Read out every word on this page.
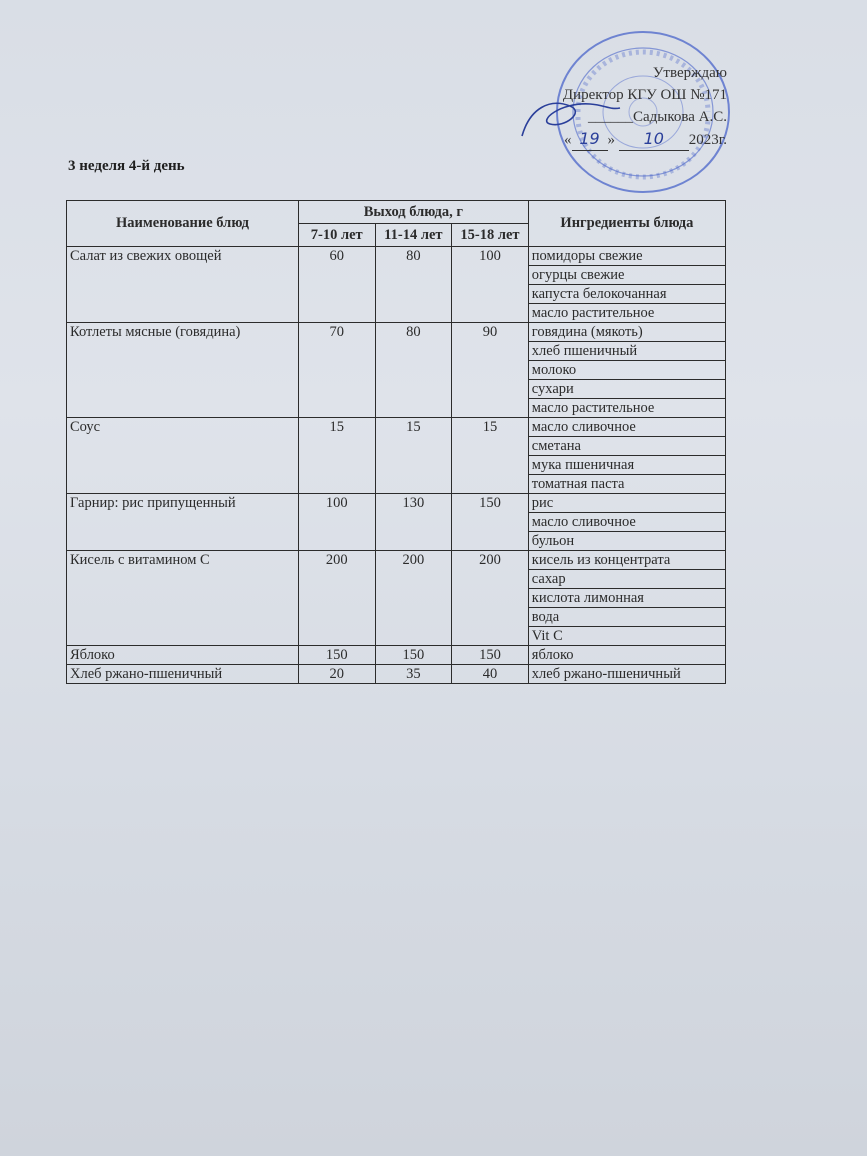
Утверждаю
Директор КГУ ОШ №171
______Садыкова А.С.
« 19 » 10 2023г.
3 неделя 4-й день
Наименование блюд	Выход блюда, г			Ингредиенты блюда
	7-10 лет	11-14 лет	15-18 лет	
Салат из свежих овощей	60	80	100	помидоры свежие
				огурцы свежие
				капуста белокочанная
				масло растительное
Котлеты мясные (говядина)	70	80	90	говядина (мякоть)
				хлеб пшеничный
				молоко
				сухари
				масло растительное
Соус	15	15	15	масло сливочное
				сметана
				мука пшеничная
				томатная паста
Гарнир: рис припущенный	100	130	150	рис
				масло сливочное
				бульон
Кисель с витамином С	200	200	200	кисель из концентрата
				сахар
				кислота лимонная
				вода
				Vit C
Яблоко	150	150	150	яблоко
Хлеб ржано-пшеничный	20	35	40	хлеб ржано-пшеничный
